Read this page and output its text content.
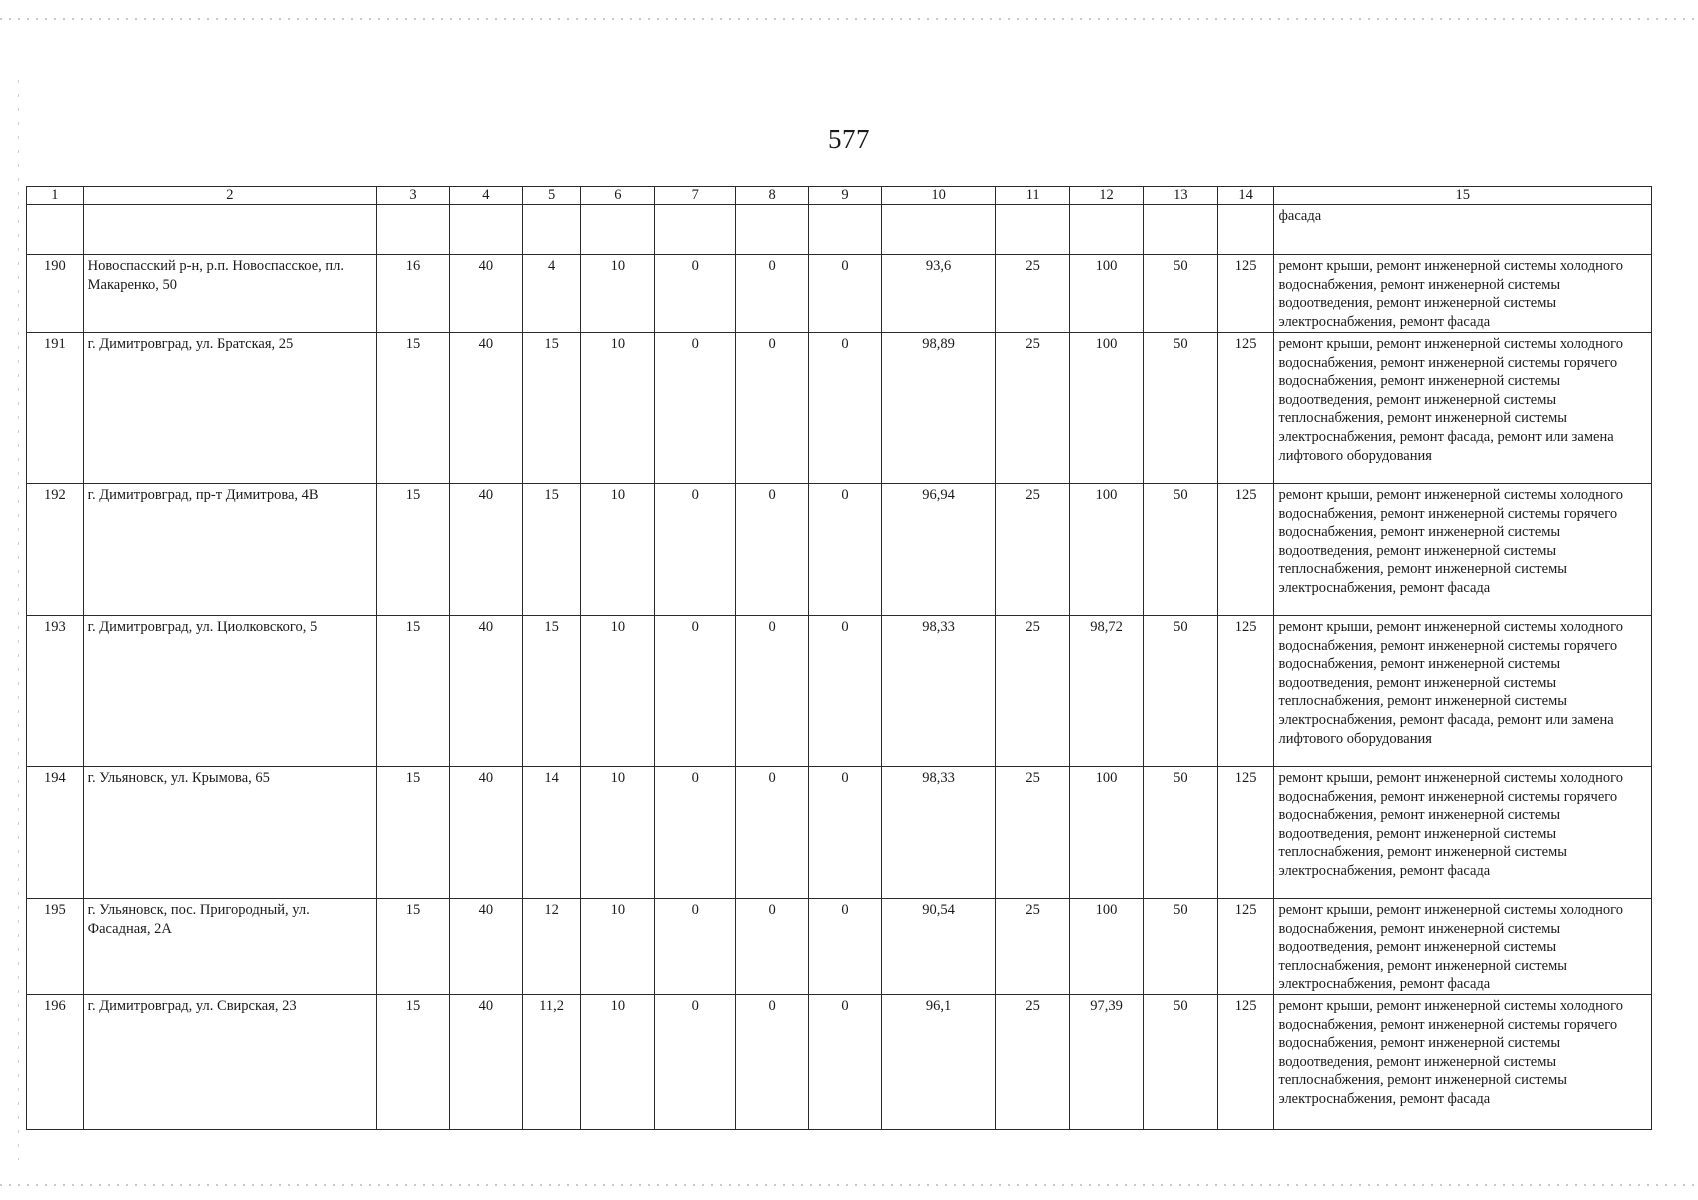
577
1	2	3	4	5	6	7	8	9	10	11	12	13	14	15
														фасада
190	Новоспасский р-н, р.п. Новоспасское, пл. Макаренко, 50	16	40	4	10	0	0	0	93,6	25	100	50	125	ремонт крыши, ремонт инженерной системы холодного водоснабжения, ремонт инженерной системы водоотведения, ремонт инженерной системы электроснабжения, ремонт фасада
191	г. Димитровград, ул. Братская, 25	15	40	15	10	0	0	0	98,89	25	100	50	125	ремонт крыши, ремонт инженерной системы холодного водоснабжения, ремонт инженерной системы горячего водоснабжения, ремонт инженерной системы водоотведения, ремонт инженерной системы теплоснабжения, ремонт инженерной системы электроснабжения, ремонт фасада, ремонт или замена лифтового оборудования
192	г. Димитровград, пр-т Димитрова, 4В	15	40	15	10	0	0	0	96,94	25	100	50	125	ремонт крыши, ремонт инженерной системы холодного водоснабжения, ремонт инженерной системы горячего водоснабжения, ремонт инженерной системы водоотведения, ремонт инженерной системы теплоснабжения, ремонт инженерной системы электроснабжения, ремонт фасада
193	г. Димитровград, ул. Циолковского, 5	15	40	15	10	0	0	0	98,33	25	98,72	50	125	ремонт крыши, ремонт инженерной системы холодного водоснабжения, ремонт инженерной системы горячего водоснабжения, ремонт инженерной системы водоотведения, ремонт инженерной системы теплоснабжения, ремонт инженерной системы электроснабжения, ремонт фасада, ремонт или замена лифтового оборудования
194	г. Ульяновск, ул. Крымова, 65	15	40	14	10	0	0	0	98,33	25	100	50	125	ремонт крыши, ремонт инженерной системы холодного водоснабжения, ремонт инженерной системы горячего водоснабжения, ремонт инженерной системы водоотведения, ремонт инженерной системы теплоснабжения, ремонт инженерной системы электроснабжения, ремонт фасада
195	г. Ульяновск, пос. Пригородный, ул. Фасадная, 2А	15	40	12	10	0	0	0	90,54	25	100	50	125	ремонт крыши, ремонт инженерной системы холодного водоснабжения, ремонт инженерной системы водоотведения, ремонт инженерной системы теплоснабжения, ремонт инженерной системы электроснабжения, ремонт фасада
196	г. Димитровград, ул. Свирская, 23	15	40	11,2	10	0	0	0	96,1	25	97,39	50	125	ремонт крыши, ремонт инженерной системы холодного водоснабжения, ремонт инженерной системы горячего водоснабжения, ремонт инженерной системы водоотведения, ремонт инженерной системы теплоснабжения, ремонт инженерной системы электроснабжения, ремонт фасада
